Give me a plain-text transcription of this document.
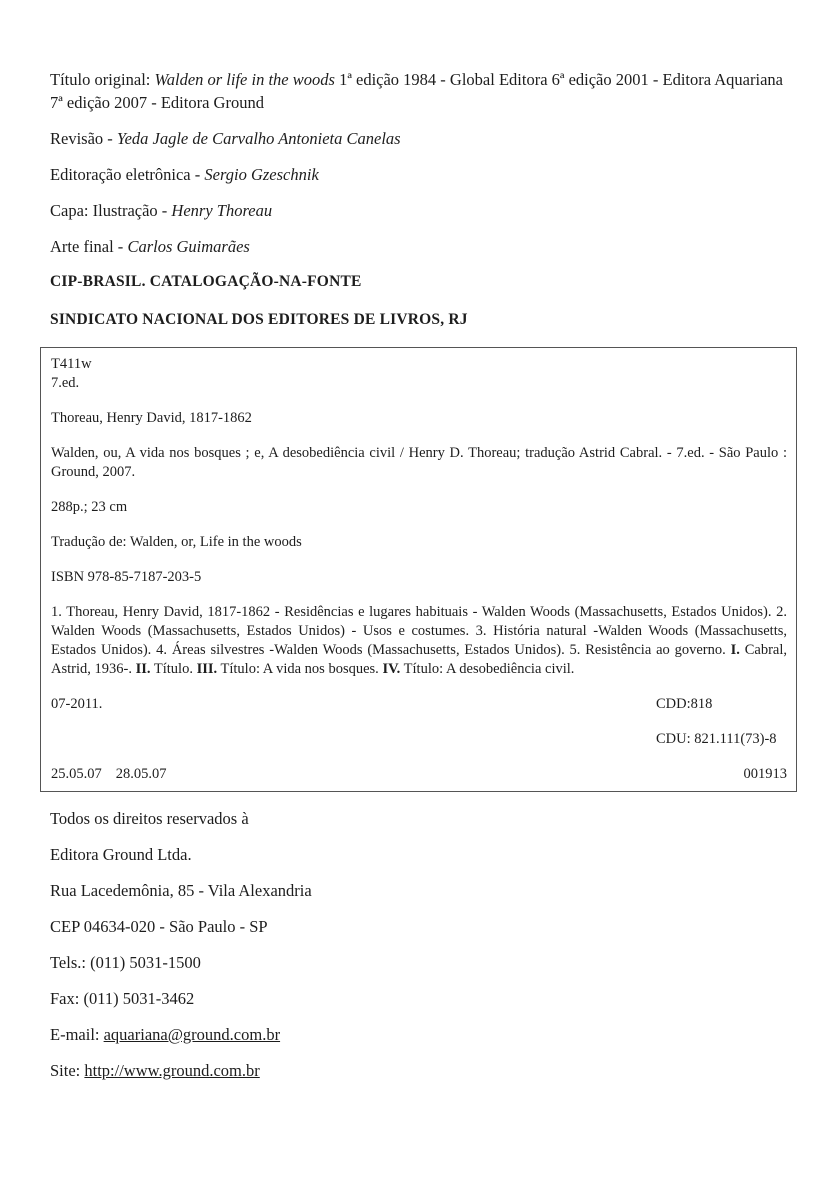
Título original: Walden or life in the woods 1ª edição 1984 - Global Editora 6ª edição 2001 - Editora Aquariana 7ª edição 2007 - Editora Ground

Revisão - Yeda Jagle de Carvalho Antonieta Canelas

Editoração eletrônica - Sergio Gzeschnik

Capa: Ilustração - Henry Thoreau

Arte final - Carlos Guimarães

CIP-BRASIL. CATALOGAÇÃO-NA-FONTE

SINDICATO NACIONAL DOS EDITORES DE LIVROS, RJ

T411w
7.ed.

Thoreau, Henry David, 1817-1862

Walden, ou, A vida nos bosques ; e, A desobediência civil / Henry D. Thoreau; tradução Astrid Cabral. - 7.ed. - São Paulo : Ground, 2007.

288p.; 23 cm

Tradução de: Walden, or, Life in the woods

ISBN 978-85-7187-203-5

1. Thoreau, Henry David, 1817-1862 - Residências e lugares habituais - Walden Woods (Massachusetts, Estados Unidos). 2. Walden Woods (Massachusetts, Estados Unidos) - Usos e costumes. 3. História natural -Walden Woods (Massachusetts, Estados Unidos). 4. Áreas silvestres -Walden Woods (Massachusetts, Estados Unidos). 5. Resistência ao governo. I. Cabral, Astrid, 1936-. II. Título. III. Título: A vida nos bosques. IV. Título: A desobediência civil.

07-2011.	CDD:818
CDU: 821.111(73)-8
25.05.07 28.05.07	001913

Todos os direitos reservados à

Editora Ground Ltda.

Rua Lacedemônia, 85 - Vila Alexandria

CEP 04634-020 - São Paulo - SP

Tels.: (011) 5031-1500

Fax: (011) 5031-3462

E-mail: aquariana@ground.com.br

Site: http://www.ground.com.br
